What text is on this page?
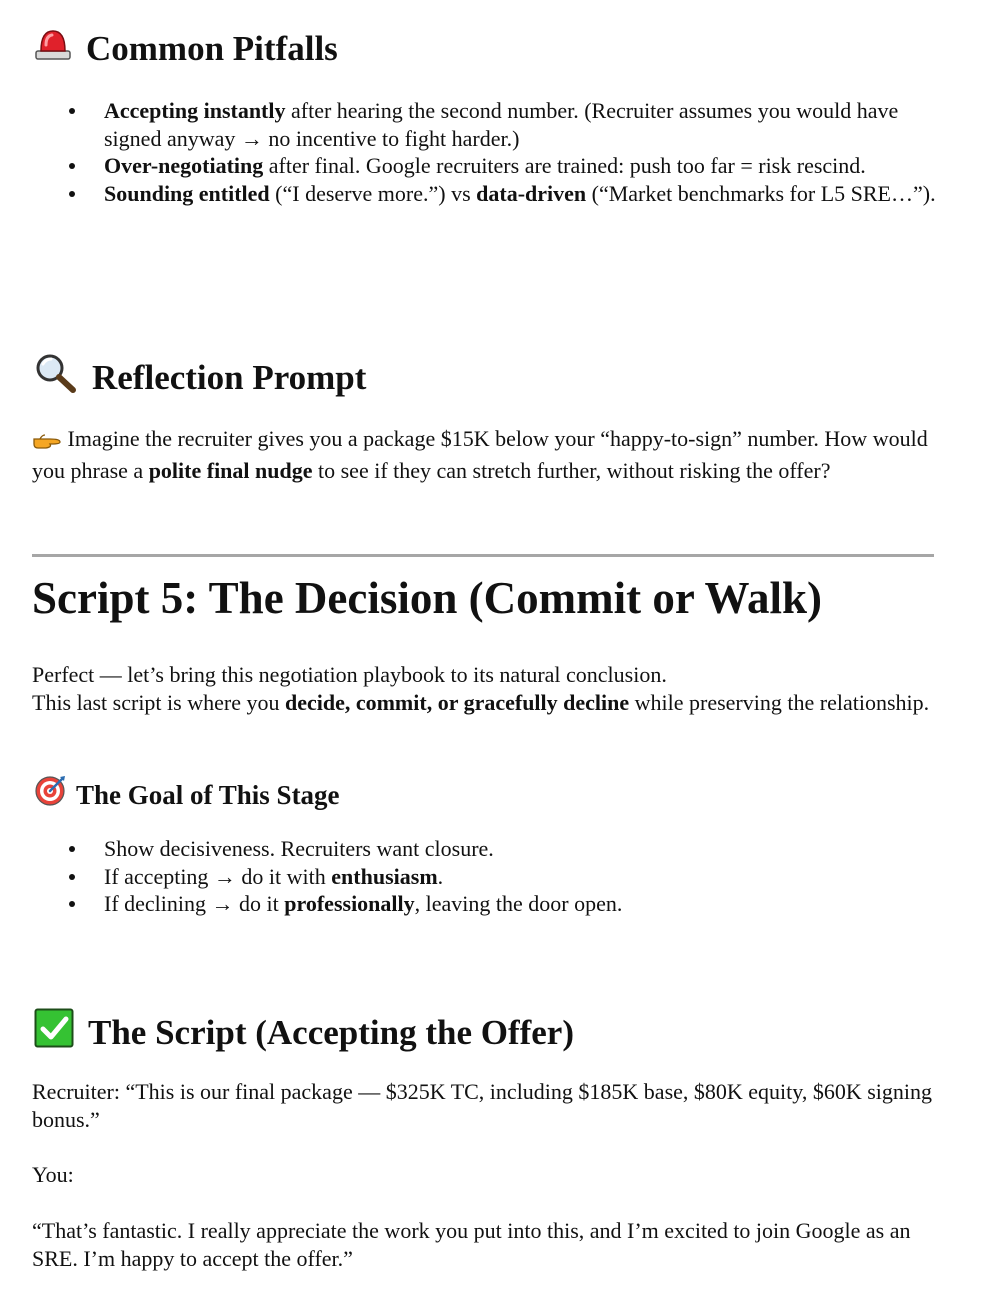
Common Pitfalls
Accepting instantly after hearing the second number. (Recruiter assumes you would have signed anyway → no incentive to fight harder.)
Over-negotiating after final. Google recruiters are trained: push too far = risk rescind.
Sounding entitled (“I deserve more.”) vs data-driven (“Market benchmarks for L5 SRE…”).
Reflection Prompt

Imagine the recruiter gives you a package $15K below your “happy-to-sign” number. How would you phrase a polite final nudge to see if they can stretch further, without risking the offer?

Script 5: The Decision (Commit or Walk)

Perfect — let’s bring this negotiation playbook to its natural conclusion.
This last script is where you decide, commit, or gracefully decline while preserving the relationship.

The Goal of This Stage
Show decisiveness. Recruiters want closure.
If accepting → do it with enthusiasm.
If declining → do it professionally, leaving the door open.
The Script (Accepting the Offer)

Recruiter: “This is our final package — $325K TC, including $185K base, $80K equity, $60K signing bonus.”

You:

“That’s fantastic. I really appreciate the work you put into this, and I’m excited to join Google as an SRE. I’m happy to accept the offer.”
